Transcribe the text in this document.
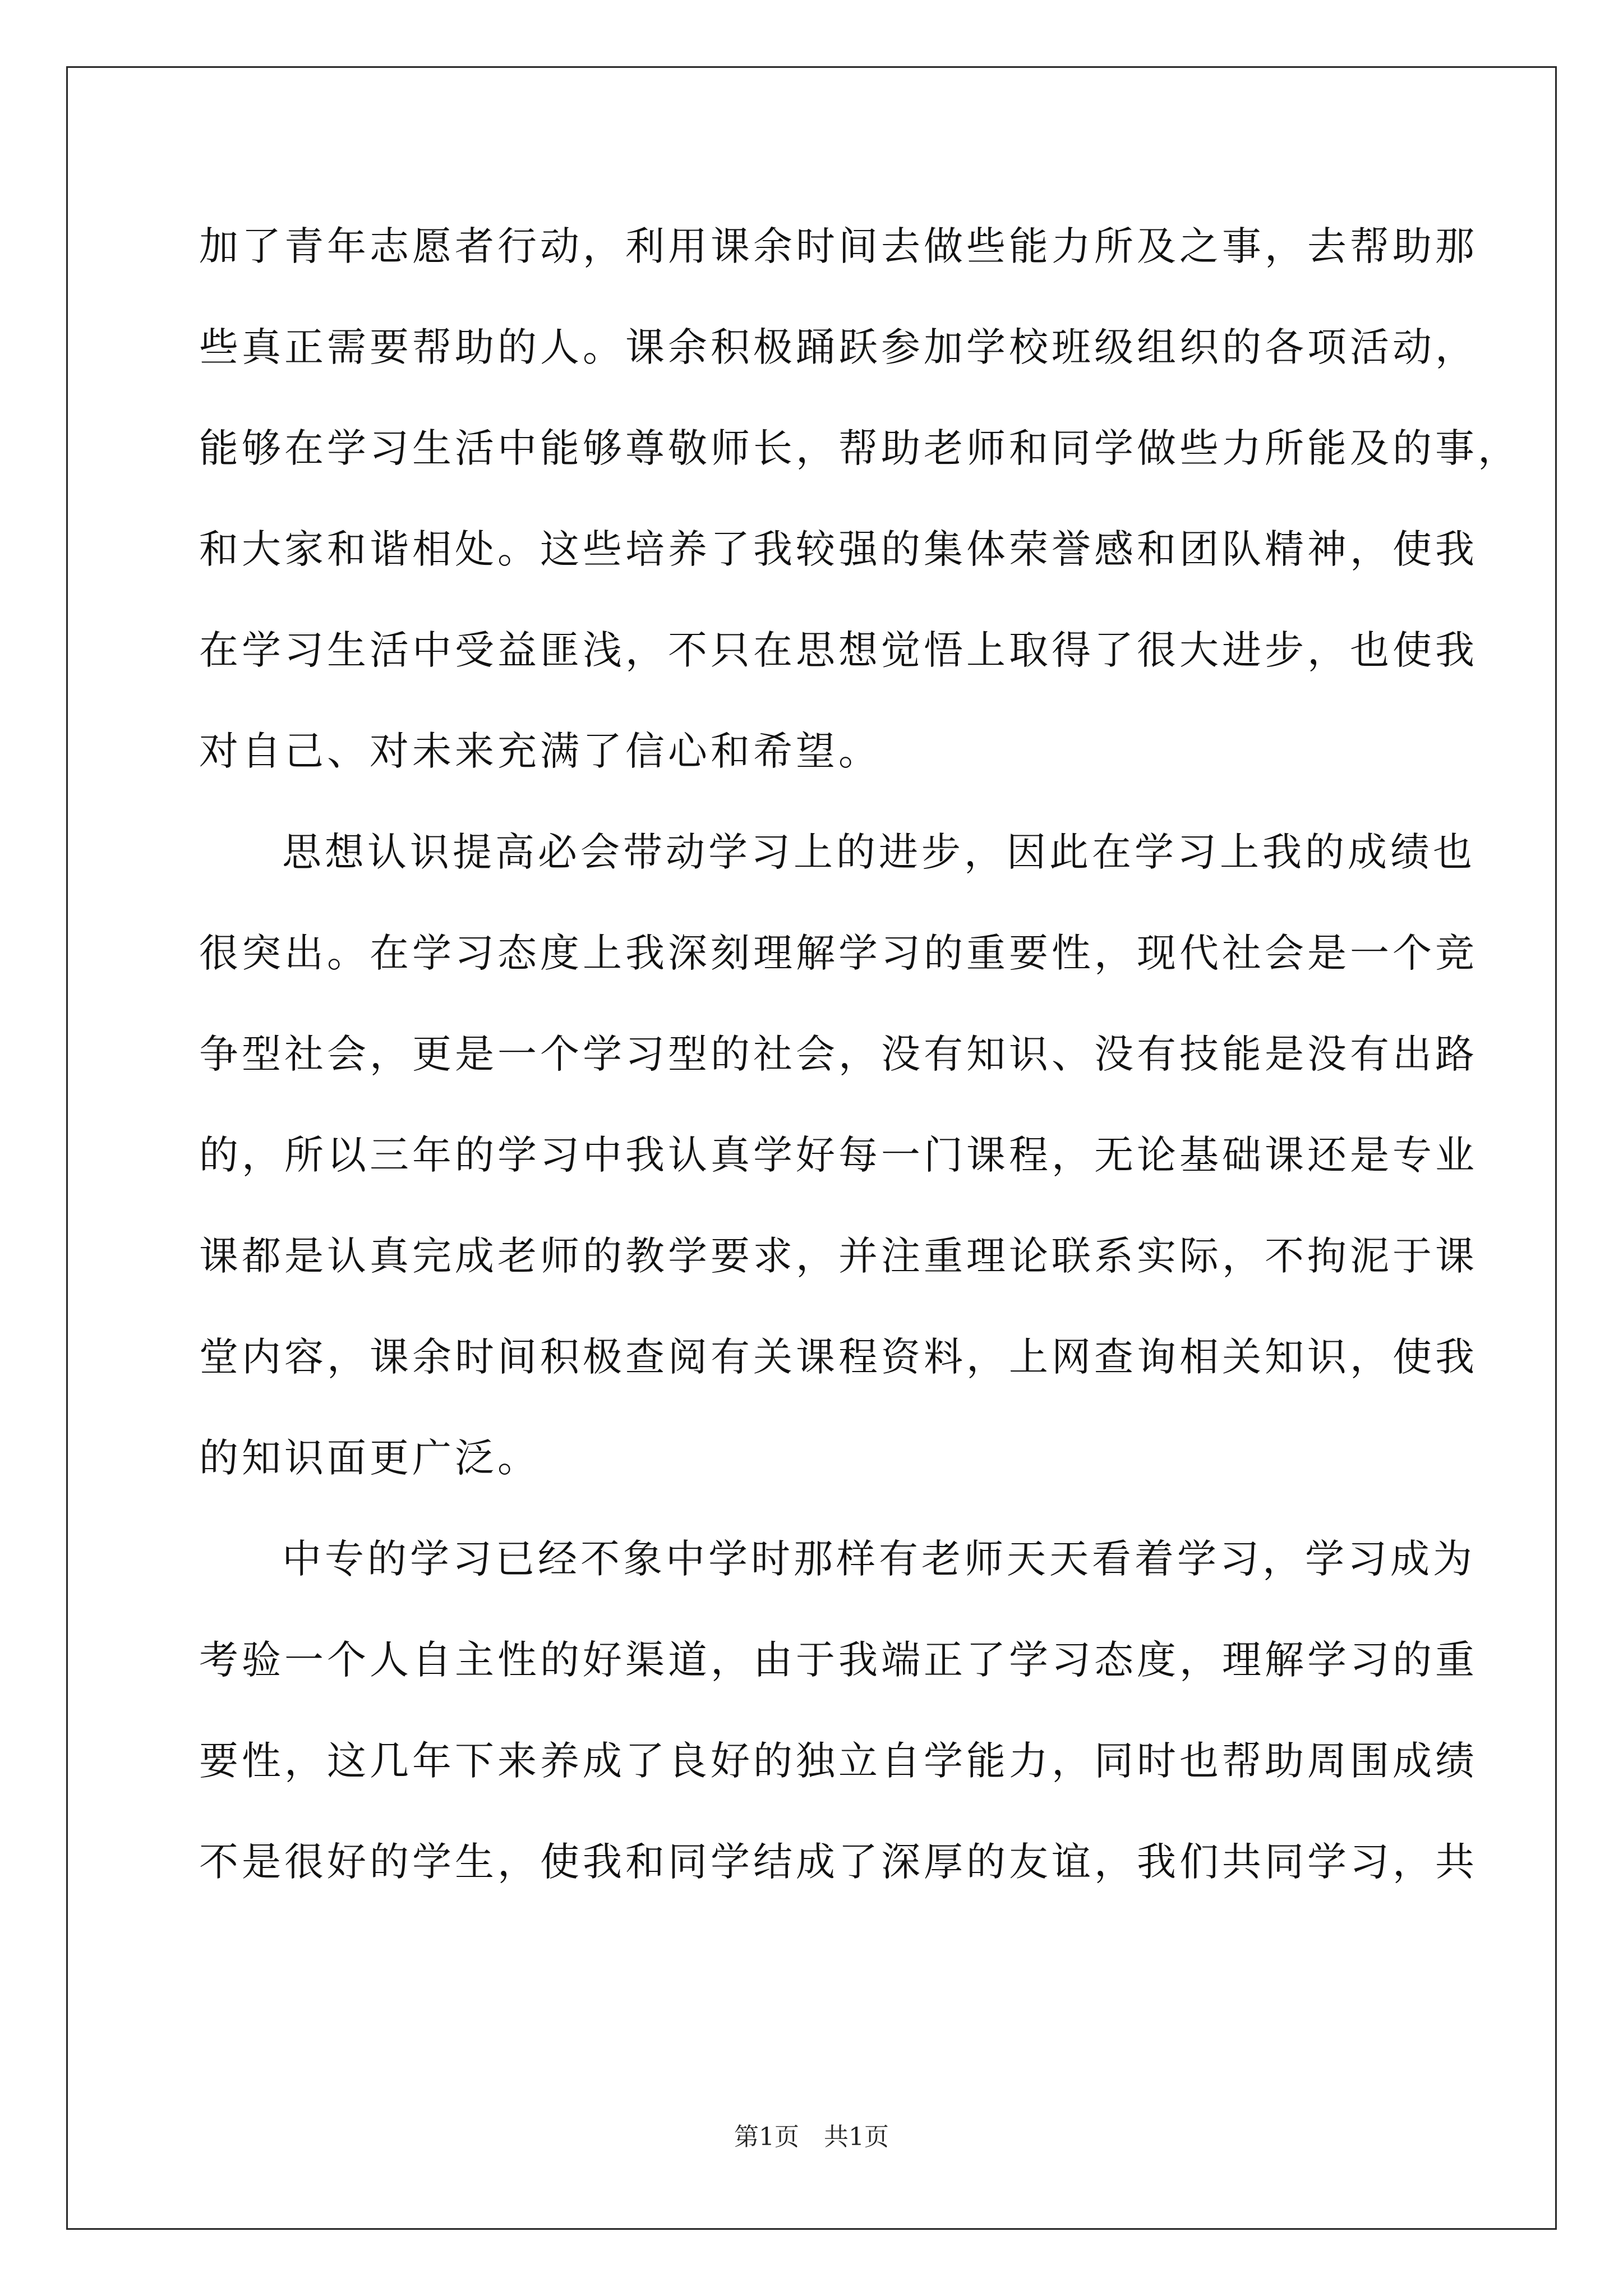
加了青年志愿者行动，利用课余时间去做些能力所及之事，去帮助那
些真正需要帮助的人。课余积极踊跃参加学校班级组织的各项活动，
能够在学习生活中能够尊敬师长，帮助老师和同学做些力所能及的事，
和大家和谐相处。这些培养了我较强的集体荣誉感和团队精神，使我
在学习生活中受益匪浅，不只在思想觉悟上取得了很大进步，也使我
对自己、对未来充满了信心和希望。
思想认识提高必会带动学习上的进步，因此在学习上我的成绩也
很突出。在学习态度上我深刻理解学习的重要性，现代社会是一个竞
争型社会，更是一个学习型的社会，没有知识、没有技能是没有出路
的，所以三年的学习中我认真学好每一门课程，无论基础课还是专业
课都是认真完成老师的教学要求，并注重理论联系实际，不拘泥于课
堂内容，课余时间积极查阅有关课程资料，上网查询相关知识，使我
的知识面更广泛。
中专的学习已经不象中学时那样有老师天天看着学习，学习成为
考验一个人自主性的好渠道，由于我端正了学习态度，理解学习的重
要性，这几年下来养成了良好的独立自学能力，同时也帮助周围成绩
不是很好的学生，使我和同学结成了深厚的友谊，我们共同学习，共
第1页 共1页
